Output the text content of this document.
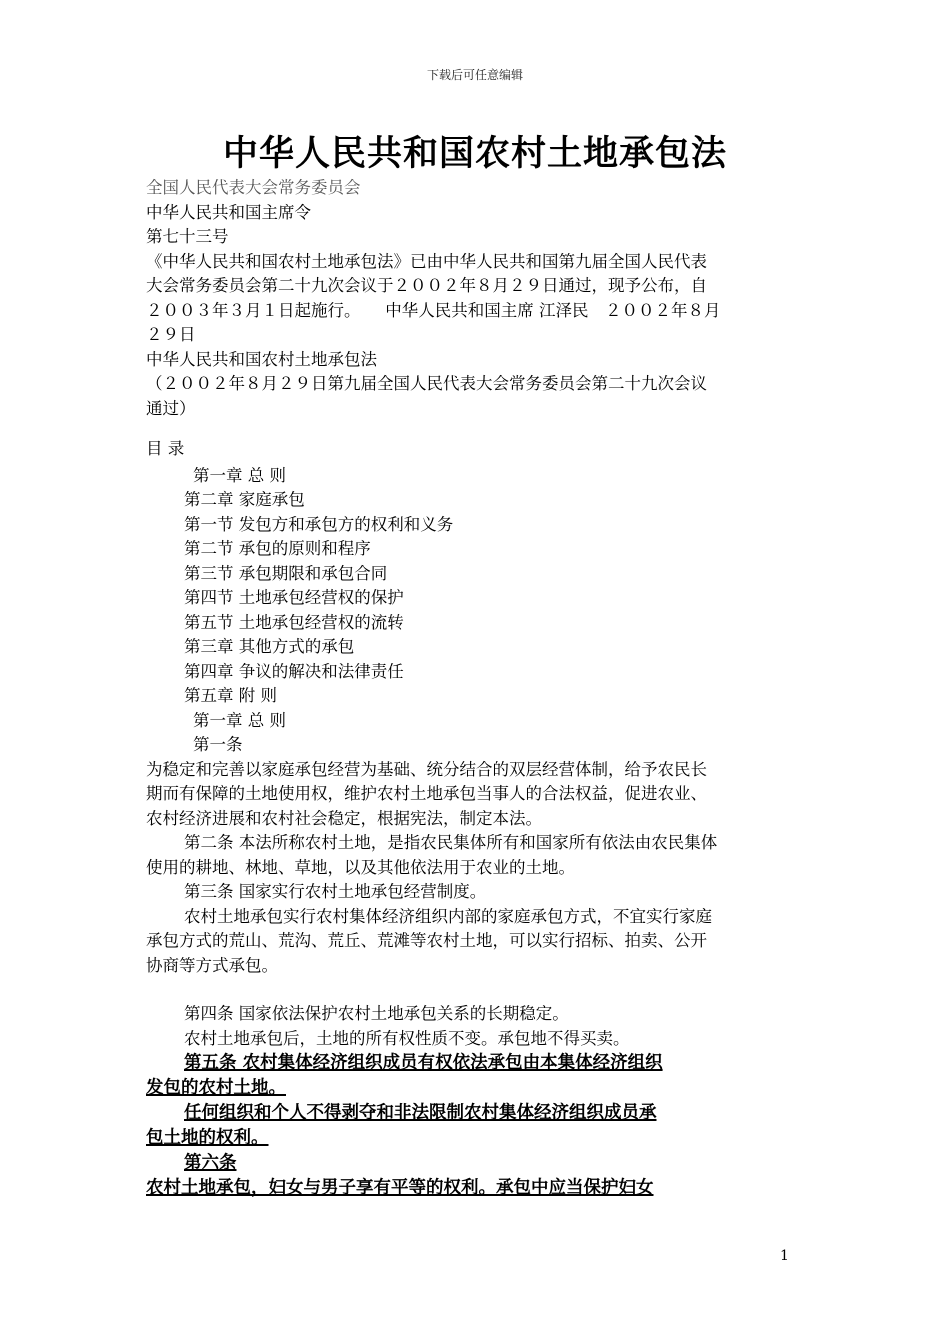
下载后可任意编辑
中华人民共和国农村土地承包法
全国人民代表大会常务委员会
中华人民共和国主席令
第七十三号
《中华人民共和国农村土地承包法》已由中华人民共和国第九届全国人民代表
大会常务委员会第二十九次会议于２００２年８月２９日通过，现予公布，自
２００３年３月１日起施行。　　中华人民共和国主席 江泽民　２００２年８月
２９日
中华人民共和国农村土地承包法
（２００２年８月２９日第九届全国人民代表大会常务委员会第二十九次会议
通过）
目 录
第一章 总 则
第二章 家庭承包
第一节 发包方和承包方的权利和义务
第二节 承包的原则和程序
第三节 承包期限和承包合同
第四节 土地承包经营权的保护
第五节 土地承包经营权的流转
第三章 其他方式的承包
第四章 争议的解决和法律责任
第五章 附 则
第一章 总 则
第一条
为稳定和完善以家庭承包经营为基础、统分结合的双层经营体制，给予农民长
期而有保障的土地使用权，维护农村土地承包当事人的合法权益，促进农业、
农村经济进展和农村社会稳定，根据宪法，制定本法。
第二条 本法所称农村土地，是指农民集体所有和国家所有依法由农民集体
使用的耕地、林地、草地，以及其他依法用于农业的土地。
第三条 国家实行农村土地承包经营制度。
农村土地承包实行农村集体经济组织内部的家庭承包方式，不宜实行家庭
承包方式的荒山、荒沟、荒丘、荒滩等农村土地，可以实行招标、拍卖、公开
协商等方式承包。
第四条 国家依法保护农村土地承包关系的长期稳定。
农村土地承包后，土地的所有权性质不变。承包地不得买卖。
第五条 农村集体经济组织成员有权依法承包由本集体经济组织
发包的农村土地。
任何组织和个人不得剥夺和非法限制农村集体经济组织成员承
包土地的权利。
第六条
农村土地承包，妇女与男子享有平等的权利。承包中应当保护妇女
1
